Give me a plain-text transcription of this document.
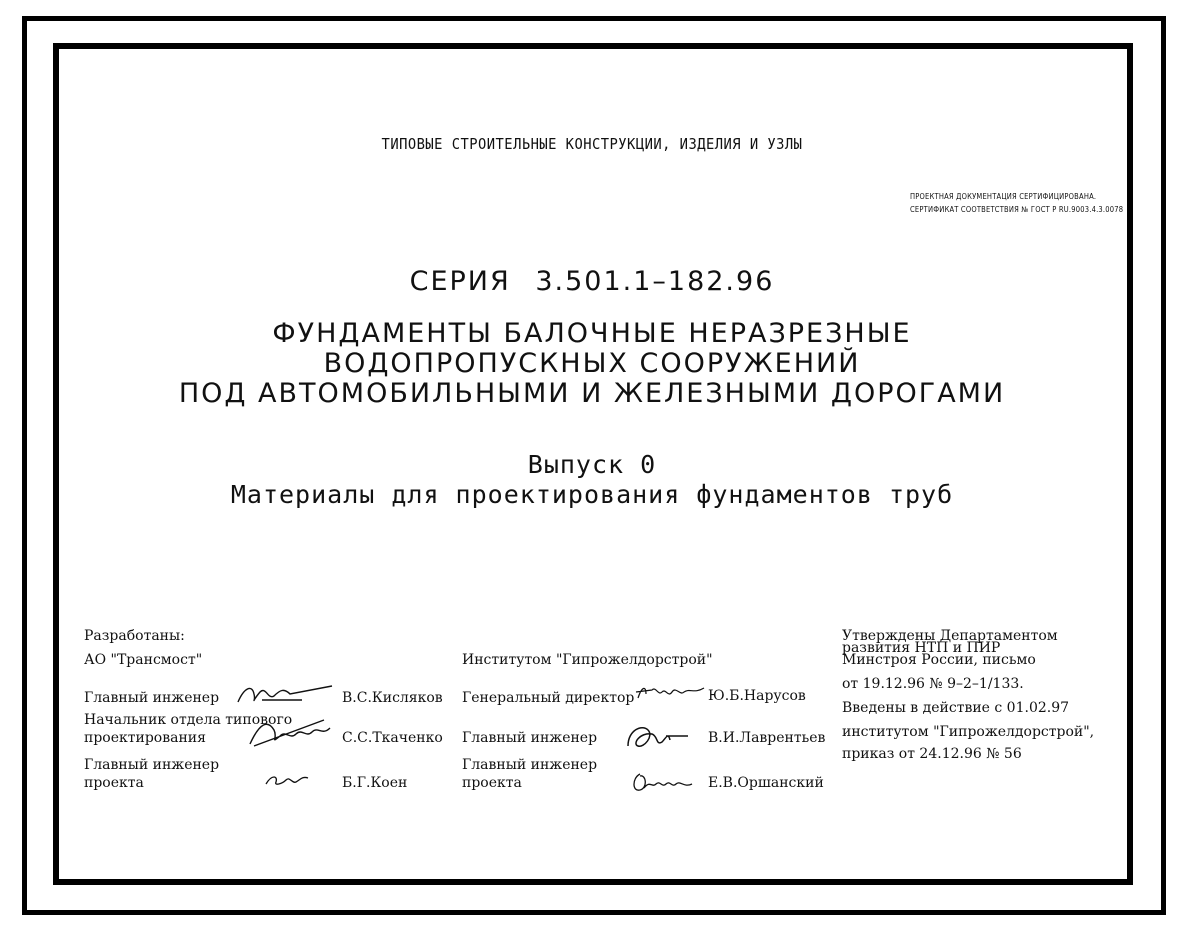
ТИПОВЫЕ СТРОИТЕЛЬНЫЕ КОНСТРУКЦИИ, ИЗДЕЛИЯ И УЗЛЫ
ПРОЕКТНАЯ ДОКУМЕНТАЦИЯ СЕРТИФИЦИРОВАНА.
СЕРТИФИКАТ СООТВЕТСТВИЯ № ГОСТ Р RU.9003.4.3.0078
СЕРИЯ 3.501.1–182.96
ФУНДАМЕНТЫ БАЛОЧНЫЕ НЕРАЗРЕЗНЫЕ
ВОДОПРОПУСКНЫХ СООРУЖЕНИЙ
ПОД АВТОМОБИЛЬНЫМИ И ЖЕЛЕЗНЫМИ ДОРОГАМИ
Выпуск 0
Материалы для проектирования фундаментов труб
Разработаны:
АО "Трансмост"
Главный инженер	В.С.Кисляков
Начальник отдела типового
проектирования	С.С.Ткаченко
Главный инженер
проекта	Б.Г.Коен
Институтом "Гипрожелдорстрой"
Генеральный директор	Ю.Б.Нарусов
Главный инженер	В.И.Лаврентьев
Главный инженер
проекта	Е.В.Оршанский
Утверждены Департаментом
развития НТП и ПИР
Минстроя России, письмо
от 19.12.96 № 9–2–1/133.
Введены в действие с 01.02.97
институтом "Гипрожелдорстрой",
приказ от 24.12.96 № 56
